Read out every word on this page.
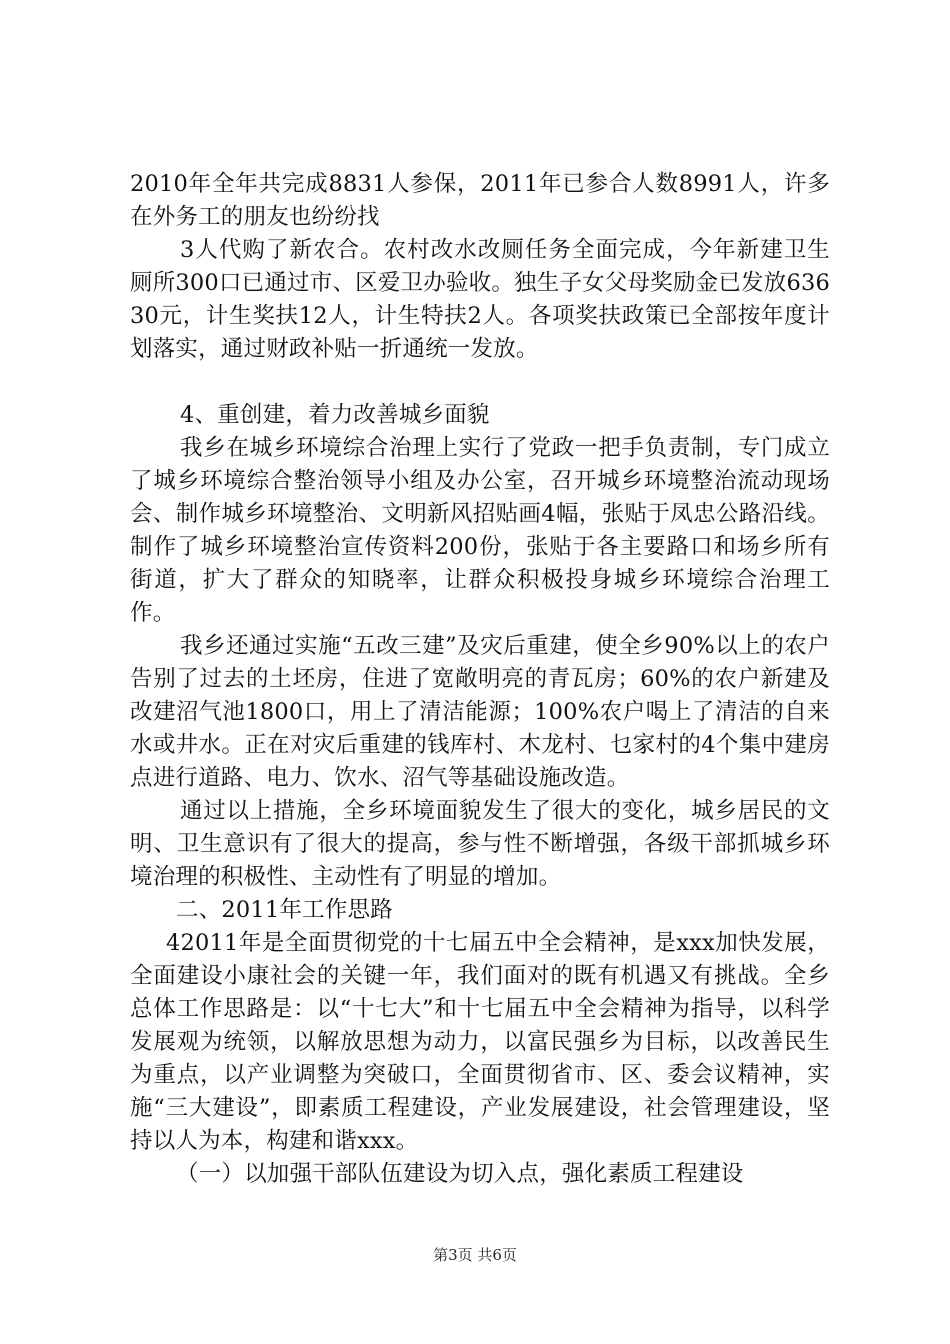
2010年全年共完成8831人参保，2011年已参合人数8991人，许多在外务工的朋友也纷纷找

3人代购了新农合。农村改水改厕任务全面完成，今年新建卫生厕所300口已通过市、区爱卫办验收。独生子女父母奖励金已发放63630元，计生奖扶12人，计生特扶2人。各项奖扶政策已全部按年度计划落实，通过财政补贴一折通统一发放。

4、重创建，着力改善城乡面貌

我乡在城乡环境综合治理上实行了党政一把手负责制，专门成立了城乡环境综合整治领导小组及办公室，召开城乡环境整治流动现场会、制作城乡环境整治、文明新风招贴画4幅，张贴于凤忠公路沿线。制作了城乡环境整治宣传资料200份，张贴于各主要路口和场乡所有街道，扩大了群众的知晓率，让群众积极投身城乡环境综合治理工作。

我乡还通过实施“五改三建”及灾后重建，使全乡90%以上的农户告别了过去的土坯房，住进了宽敞明亮的青瓦房；60%的农户新建及改建沼气池1800口，用上了清洁能源；100%农户喝上了清洁的自来水或井水。正在对灾后重建的钱库村、木龙村、乜家村的4个集中建房点进行道路、电力、饮水、沼气等基础设施改造。

通过以上措施，全乡环境面貌发生了很大的变化，城乡居民的文明、卫生意识有了很大的提高，参与性不断增强，各级干部抓城乡环境治理的积极性、主动性有了明显的增加。

二、2011年工作思路

42011年是全面贯彻党的十七届五中全会精神，是xxx加快发展，全面建设小康社会的关键一年，我们面对的既有机遇又有挑战。全乡总体工作思路是：以“十七大”和十七届五中全会精神为指导，以科学发展观为统领，以解放思想为动力，以富民强乡为目标，以改善民生为重点，以产业调整为突破口，全面贯彻省市、区、委会议精神，实施“三大建设”，即素质工程建设，产业发展建设，社会管理建设，坚持以人为本，构建和谐xxx。

（一）以加强干部队伍建设为切入点，强化素质工程建设

第3页 共6页
